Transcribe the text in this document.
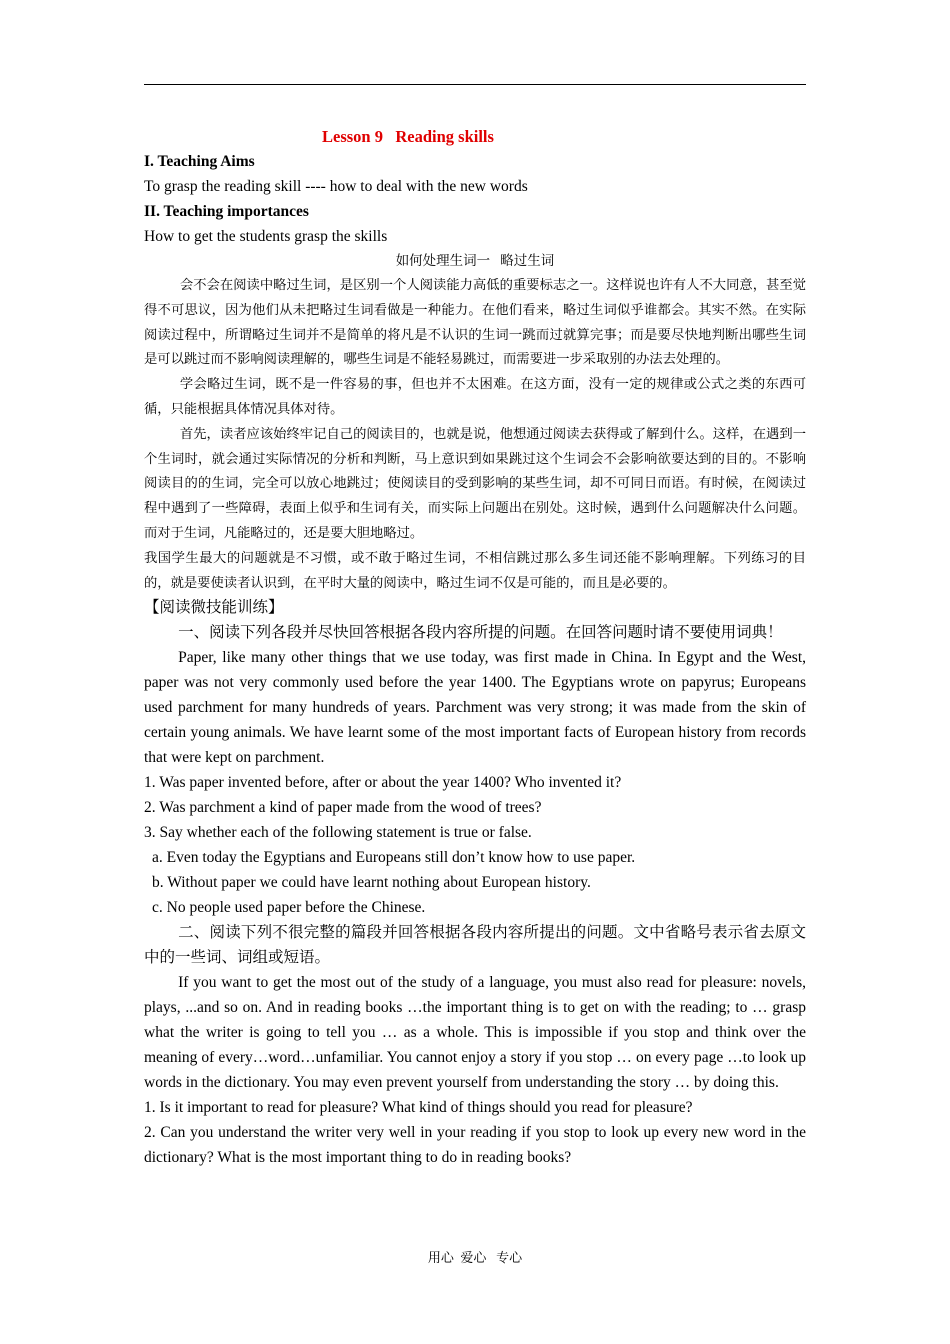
Lesson 9   Reading skills

I. Teaching Aims

To grasp the reading skill ---- how to deal with the new words

II. Teaching importances

How to get the students grasp the skills

如何处理生词一   略过生词

会不会在阅读中略过生词，是区别一个人阅读能力高低的重要标志之一。这样说也许有人不大同意，甚至觉得不可思议，因为他们从未把略过生词看做是一种能力。在他们看来，略过生词似乎谁都会。其实不然。在实际阅读过程中，所谓略过生词并不是简单的将凡是不认识的生词一跳而过就算完事；而是要尽快地判断出哪些生词是可以跳过而不影响阅读理解的，哪些生词是不能轻易跳过，而需要进一步采取别的办法去处理的。

学会略过生词，既不是一件容易的事，但也并不太困难。在这方面，没有一定的规律或公式之类的东西可循，只能根据具体情况具体对待。

首先，读者应该始终牢记自己的阅读目的，也就是说，他想通过阅读去获得或了解到什么。这样，在遇到一个生词时，就会通过实际情况的分析和判断，马上意识到如果跳过这个生词会不会影响欲要达到的目的。不影响阅读目的的生词，完全可以放心地跳过；使阅读目的受到影响的某些生词，却不可同日而语。有时候，在阅读过程中遇到了一些障碍，表面上似乎和生词有关，而实际上问题出在别处。这时候，遇到什么问题解决什么问题。而对于生词，凡能略过的，还是要大胆地略过。

我国学生最大的问题就是不习惯，或不敢于略过生词，不相信跳过那么多生词还能不影响理解。下列练习的目的，就是要使读者认识到，在平时大量的阅读中，略过生词不仅是可能的，而且是必要的。

【阅读微技能训练】

一、阅读下列各段并尽快回答根据各段内容所提的问题。在回答问题时请不要使用词典！

Paper, like many other things that we use today, was first made in China. In Egypt and the West, paper was not very commonly used before the year 1400. The Egyptians wrote on papyrus; Europeans used parchment for many hundreds of years. Parchment was very strong; it was made from the skin of certain young animals. We have learnt some of the most important facts of European history from records that were kept on parchment.

1. Was paper invented before, after or about the year 1400? Who invented it?

2. Was parchment a kind of paper made from the wood of trees?

3. Say whether each of the following statement is true or false.

a. Even today the Egyptians and Europeans still don’t know how to use paper.

b. Without paper we could have learnt nothing about European history.

c. No people used paper before the Chinese.

二、阅读下列不很完整的篇段并回答根据各段内容所提出的问题。文中省略号表示省去原文中的一些词、词组或短语。

If you want to get the most out of the study of a language, you must also read for pleasure: novels, plays, ...and so on. And in reading books …the important thing is to get on with the reading; to … grasp what the writer is going to tell you … as a whole. This is impossible if you stop and think over the meaning of every…word…unfamiliar. You cannot enjoy a story if you stop … on every page …to look up words in the dictionary. You may even prevent yourself from understanding the story … by doing this.

1. Is it important to read for pleasure? What kind of things should you read for pleasure?

2. Can you understand the writer very well in your reading if you stop to look up every new word in the dictionary? What is the most important thing to do in reading books?

用心  爱心   专心
